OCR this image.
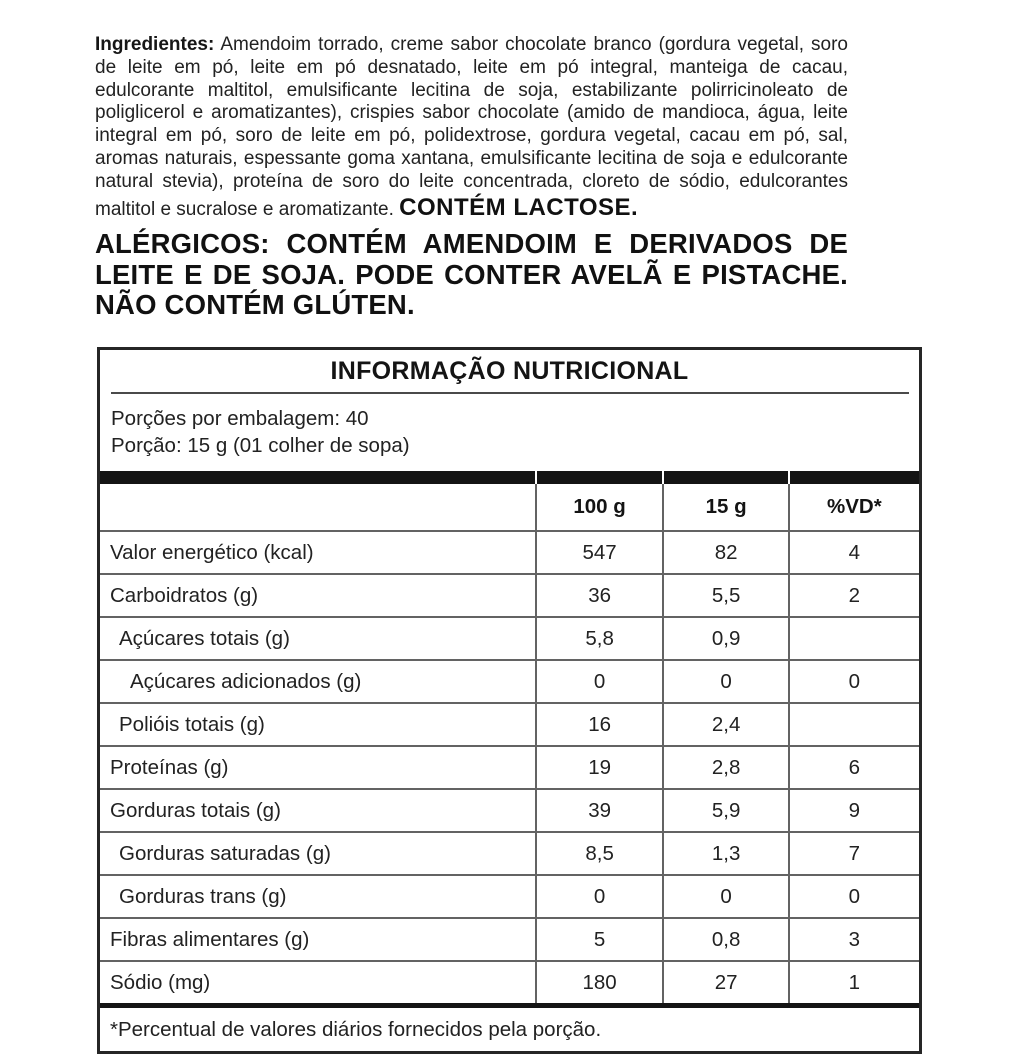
Ingredientes: Amendoim torrado, creme sabor chocolate branco (gordura vegetal, soro de leite em pó, leite em pó desnatado, leite em pó integral, manteiga de cacau, edulcorante maltitol, emulsificante lecitina de soja, estabilizante polirricinoleato de poliglicerol e aromatizantes), crispies sabor chocolate (amido de mandioca, água, leite integral em pó, soro de leite em pó, polidextrose, gordura vegetal, cacau em pó, sal, aromas naturais, espessante goma xantana, emulsificante lecitina de soja e edulcorante natural stevia), proteína de soro do leite concentrada, cloreto de sódio, edulcorantes maltitol e sucralose e aromatizante. CONTÉM LACTOSE.

ALÉRGICOS: CONTÉM AMENDOIM E DERIVADOS DE LEITE E DE SOJA. PODE CONTER AVELÃ E PISTACHE. NÃO CONTÉM GLÚTEN.

INFORMAÇÃO NUTRICIONAL
Porções por embalagem: 40
Porção: 15 g (01 colher de sopa)

	100 g	15 g	%VD*
Valor energético (kcal)	547	82	4
Carboidratos (g)	36	5,5	2
Açúcares totais (g)	5,8	0,9	
Açúcares adicionados (g)	0	0	0
Polióis totais (g)	16	2,4	
Proteínas (g)	19	2,8	6
Gorduras totais (g)	39	5,9	9
Gorduras saturadas (g)	8,5	1,3	7
Gorduras trans (g)	0	0	0
Fibras alimentares (g)	5	0,8	3
Sódio (mg)	180	27	1
*Percentual de valores diários fornecidos pela porção.			
